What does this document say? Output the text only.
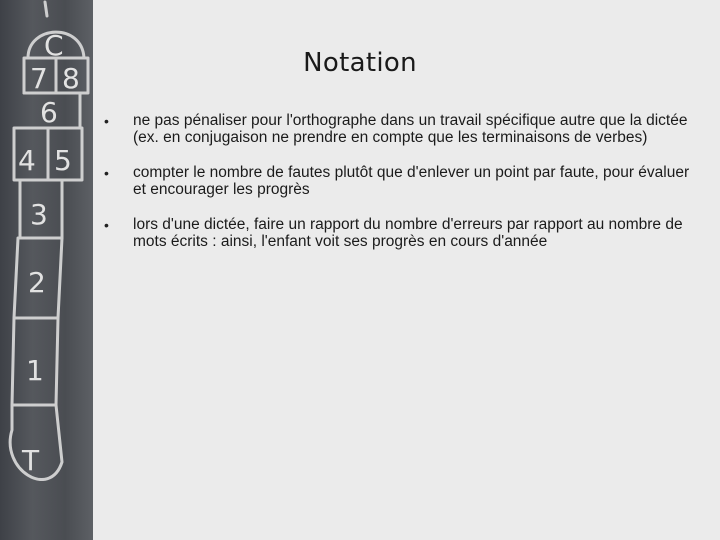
C
7 8
6
4 5
3
2
1
T
Notation
• ne pas pénaliser pour l'orthographe dans un travail spécifique autre que la dictée (ex. en conjugaison ne prendre en compte que les terminaisons de verbes)
• compter le nombre de fautes plutôt que d'enlever un point par faute, pour évaluer et encourager les progrès
• lors d'une dictée, faire un rapport du nombre d'erreurs par rapport au nombre de mots écrits : ainsi, l'enfant voit ses progrès en cours d'année
